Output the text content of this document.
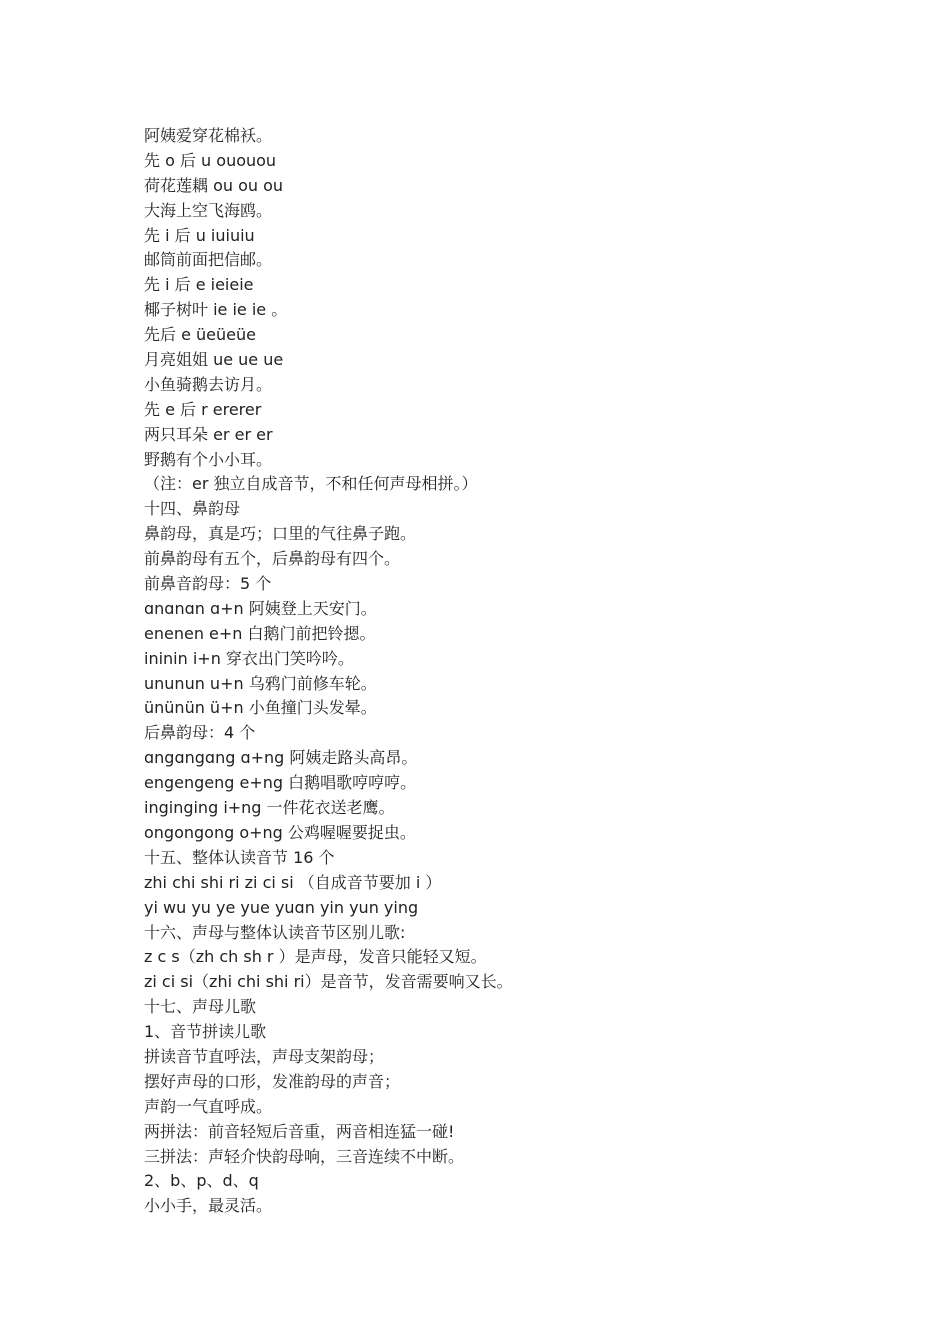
阿姨爱穿花棉袄。
先 o 后 u ououou
荷花莲耦 ou ou ou
大海上空飞海鸥。
先 i 后 u iuiuiu
邮筒前面把信邮。
先 i 后 e ieieie
椰子树叶 ie ie ie 。
先后 e üeüeüe
月亮姐姐 ue ue ue
小鱼骑鹅去访月。
先 e 后 r ererer
两只耳朵 er er er
野鹅有个小小耳。
（注：er 独立自成音节，不和任何声母相拼。）
十四、鼻韵母
鼻韵母，真是巧；口里的气往鼻子跑。
前鼻韵母有五个，后鼻韵母有四个。
前鼻音韵母：5 个
ɑnɑnɑn ɑ+n 阿姨登上天安门。
enenen e+n 白鹅门前把铃摁。
ininin i+n 穿衣出门笑吟吟。
ununun u+n 乌鸦门前修车轮。
ününün ü+n 小鱼撞门头发晕。
后鼻韵母：4 个
ɑngɑngɑng ɑ+ng 阿姨走路头高昂。
engengeng e+ng 白鹅唱歌哼哼哼。
inginging i+ng 一件花衣送老鹰。
ongongong o+ng 公鸡喔喔要捉虫。
十五、整体认读音节 16 个
zhi chi shi ri zi ci si （自成音节要加 i ）
yi wu yu ye yue yuɑn yin yun ying
十六、声母与整体认读音节区别儿歌:
z c s（zh ch sh r ）是声母，发音只能轻又短。
zi ci si（zhi chi shi ri）是音节，发音需要响又长。
十七、声母儿歌
1、音节拼读儿歌
拼读音节直呼法，声母支架韵母；
摆好声母的口形，发准韵母的声音；
声韵一气直呼成。
两拼法：前音轻短后音重，两音相连猛一碰!
三拼法：声轻介快韵母响，三音连续不中断。
2、b、p、d、q
小小手，最灵活。
